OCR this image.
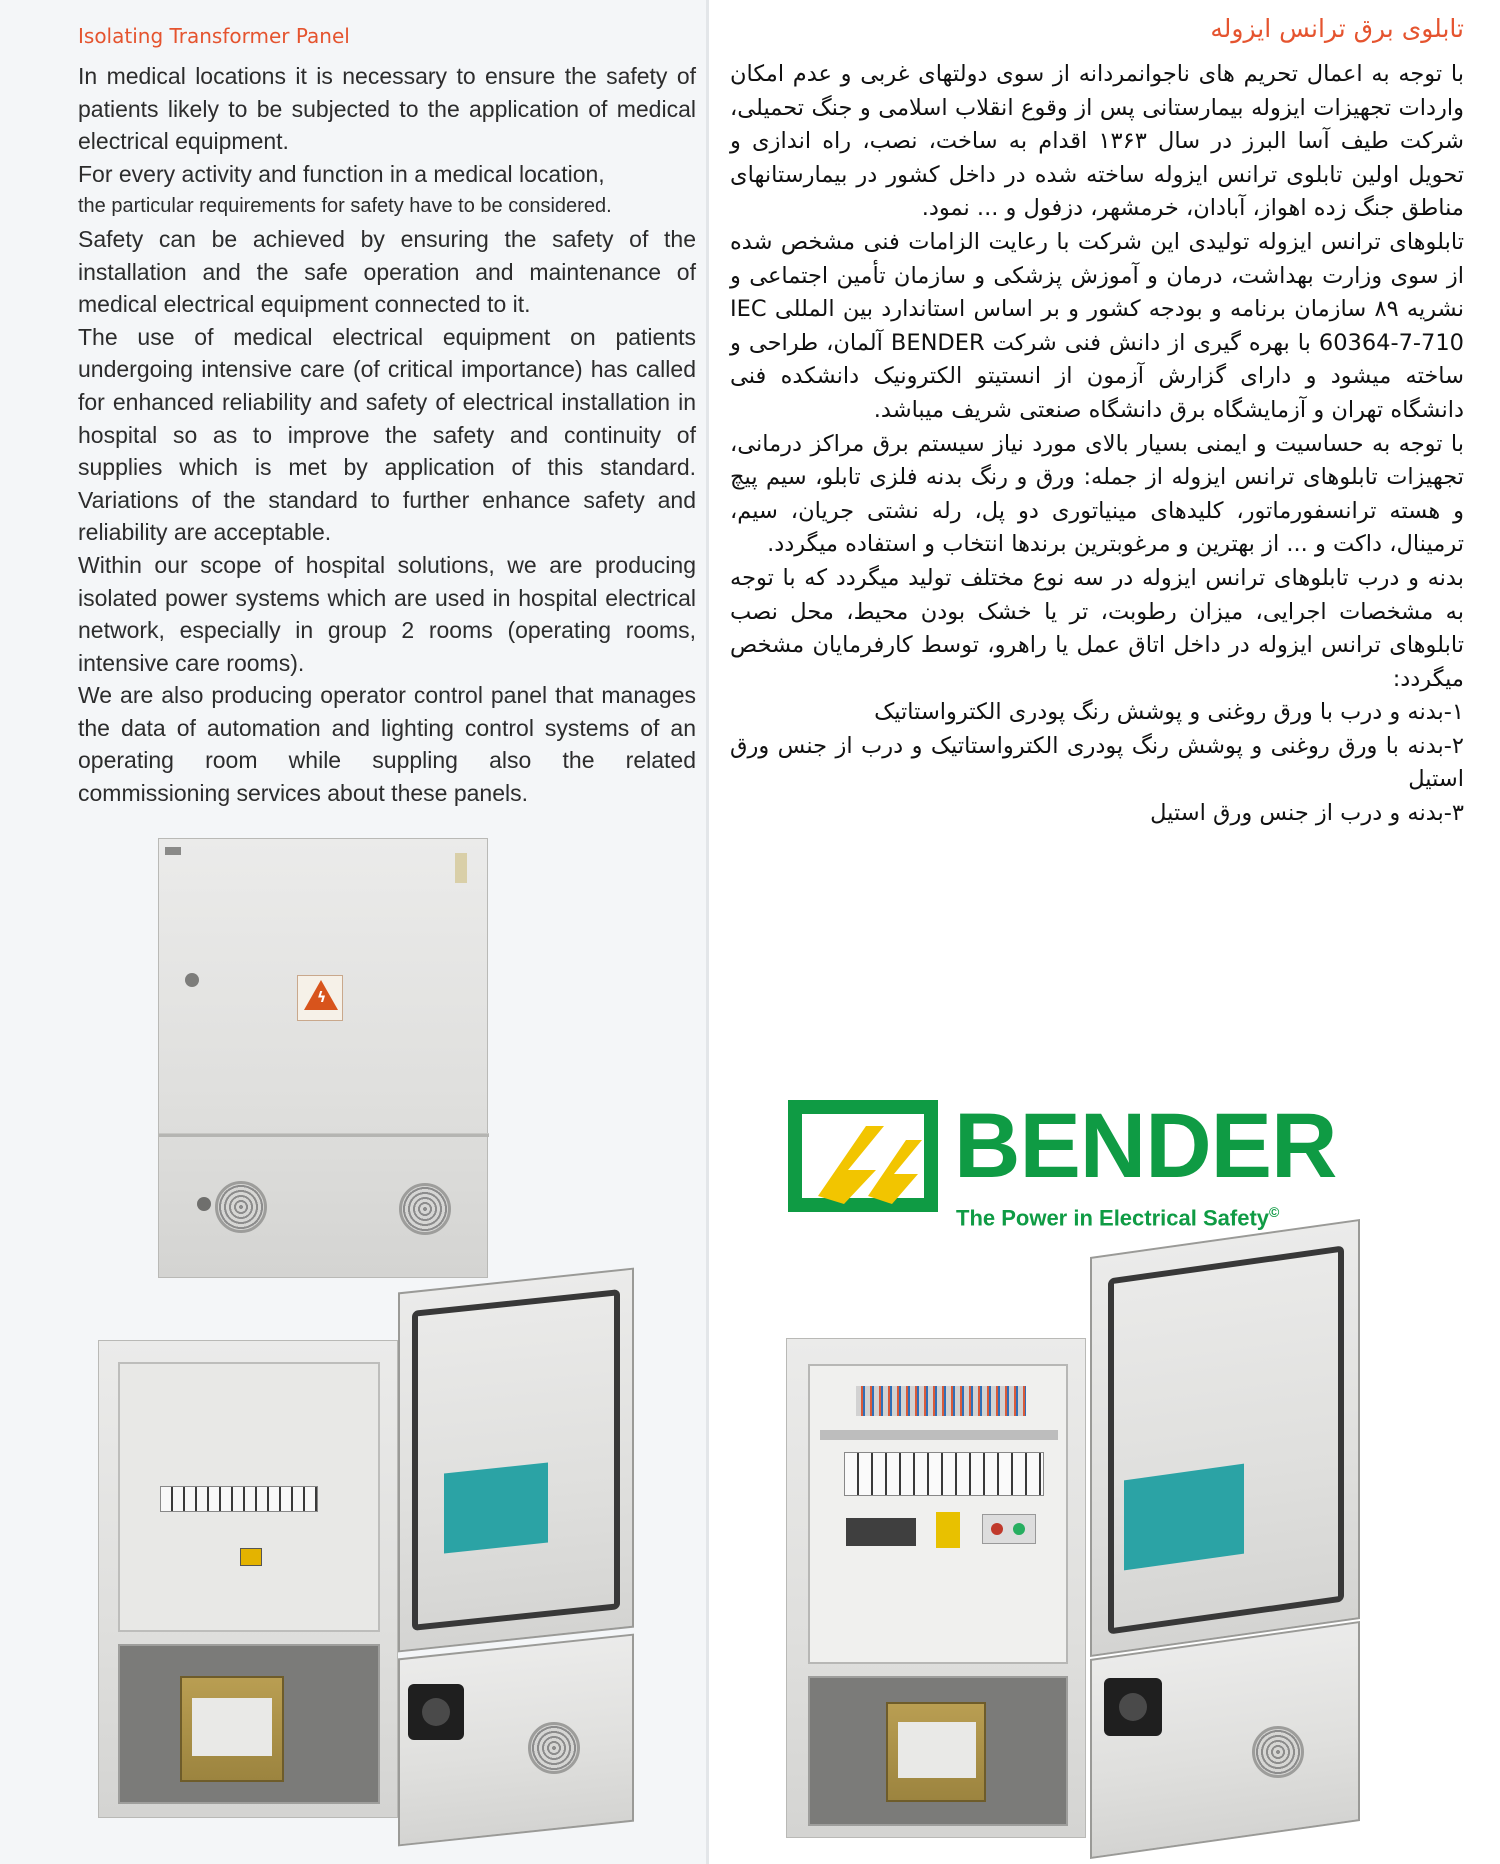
Isolating Transformer Panel

In medical locations it is necessary to ensure the safety of patients likely to be subjected to the application of medical electrical equipment.

For every activity and function in a medical location,

the particular requirements for safety have to be considered.

Safety can be achieved by ensuring the safety of the installation and the safe operation and maintenance of medical electrical equipment connected to it.

The use of medical electrical equipment on patients undergoing intensive care (of critical importance) has called for enhanced reliability and safety of electrical installation in hospital so as to improve the safety and continuity of supplies which is met by application of this standard. Variations of the standard to further enhance safety and reliability are acceptable.

Within our scope of hospital solutions, we are producing isolated power systems which are used in hospital electrical network, especially in group 2 rooms (operating rooms, intensive care rooms).

We are also producing operator control panel that manages the data of automation and lighting control systems of an operating room while suppling also the related commissioning services about these panels.

ϟ
تابلوی برق ترانس ایزوله

با توجه به اعمال تحریم های ناجوانمردانه از سوی دولتهای غربی و عدم امکان واردات تجهیزات ایزوله بیمارستانی پس از وقوع انقلاب اسلامی و جنگ تحمیلی، شرکت طیف آسا البرز در سال ۱۳۶۳ اقدام به ساخت، نصب، راه اندازی و تحویل اولین تابلوی ترانس ایزوله ساخته شده در داخل کشور در بیمارستانهای مناطق جنگ زده اهواز، آبادان، خرمشهر، دزفول و ... نمود.

تابلوهای ترانس ایزوله تولیدی این شرکت با رعایت الزامات فنی مشخص شده از سوی وزارت بهداشت، درمان و آموزش پزشکی و سازمان تأمین اجتماعی و نشریه ۸۹ سازمان برنامه و بودجه کشور و بر اساس استاندارد بین المللی IEC 60364-7-710 با بهره گیری از دانش فنی شرکت BENDER آلمان، طراحی و ساخته میشود و دارای گزارش آزمون از انستیتو الکترونیک دانشکده فنی دانشگاه تهران و آزمایشگاه برق دانشگاه صنعتی شریف میباشد.

با توجه به حساسیت و ایمنی بسیار بالای مورد نیاز سیستم برق مراکز درمانی، تجهیزات تابلوهای ترانس ایزوله از جمله: ورق و رنگ بدنه فلزی تابلو، سیم پیچ و هسته ترانسفورماتور، کلیدهای مینیاتوری دو پل، رله نشتی جریان، سیم، ترمینال، داکت و ... از بهترین و مرغوبترین برندها انتخاب و استفاده میگردد.

بدنه و درب تابلوهای ترانس ایزوله در سه نوع مختلف تولید میگردد که با توجه به مشخصات اجرایی، میزان رطوبت، تر یا خشک بودن محیط، محل نصب تابلوهای ترانس ایزوله در داخل اتاق عمل یا راهرو، توسط کارفرمایان مشخص میگردد:

۱-بدنه و درب با ورق روغنی و پوشش رنگ پودری الکترواستاتیک

۲-بدنه با ورق روغنی و پوشش رنگ پودری الکترواستاتیک و درب از جنس ورق استیل

۳-بدنه و درب از جنس ورق استیل

BENDER
The Power in Electrical Safety©
